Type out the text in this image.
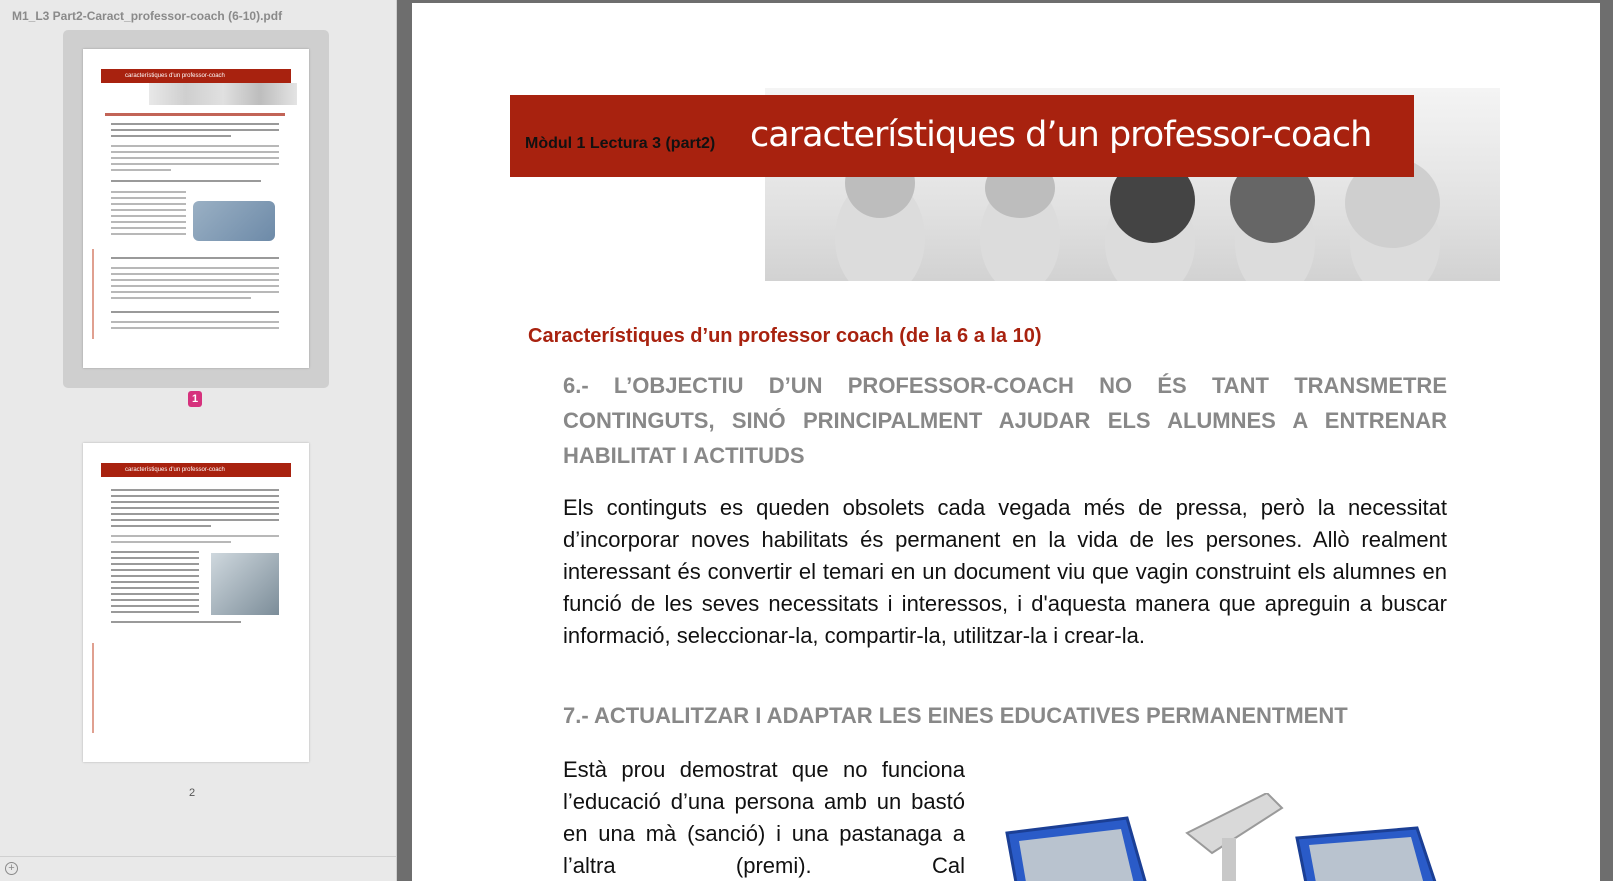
M1_L3 Part2-Caract_professor-coach (6-10).pdf
característiques d'un professor-coach
1
característiques d'un professor-coach
2
+
Mòdul 1 Lectura 3 (part2) característiques d’un professor-coach
Característiques d’un professor coach (de la 6 a la 10)
6.- L’OBJECTIU D’UN PROFESSOR-COACH NO ÉS TANT TRANSMETRE CONTINGUTS, SINÓ PRINCIPALMENT AJUDAR ELS ALUMNES A ENTRENAR HABILITAT I ACTITUDS
Els continguts es queden obsolets cada vegada més de pressa, però la necessitat d’incorporar noves habilitats és permanent en la vida de les persones. Allò realment interessant és convertir el temari en un document viu que vagin construint els alumnes en funció de les seves necessitats i interessos, i d'aquesta manera que apreguin a buscar informació, seleccionar-la, compartir-la, utilitzar-la i crear-la.
7.- ACTUALITZAR I ADAPTAR LES EINES EDUCATIVES PERMANENTMENT
Està prou demostrat que no funciona l’educació d’una persona amb un bastó en una mà (sanció) i una pastanaga a l’altra (premi). Cal
